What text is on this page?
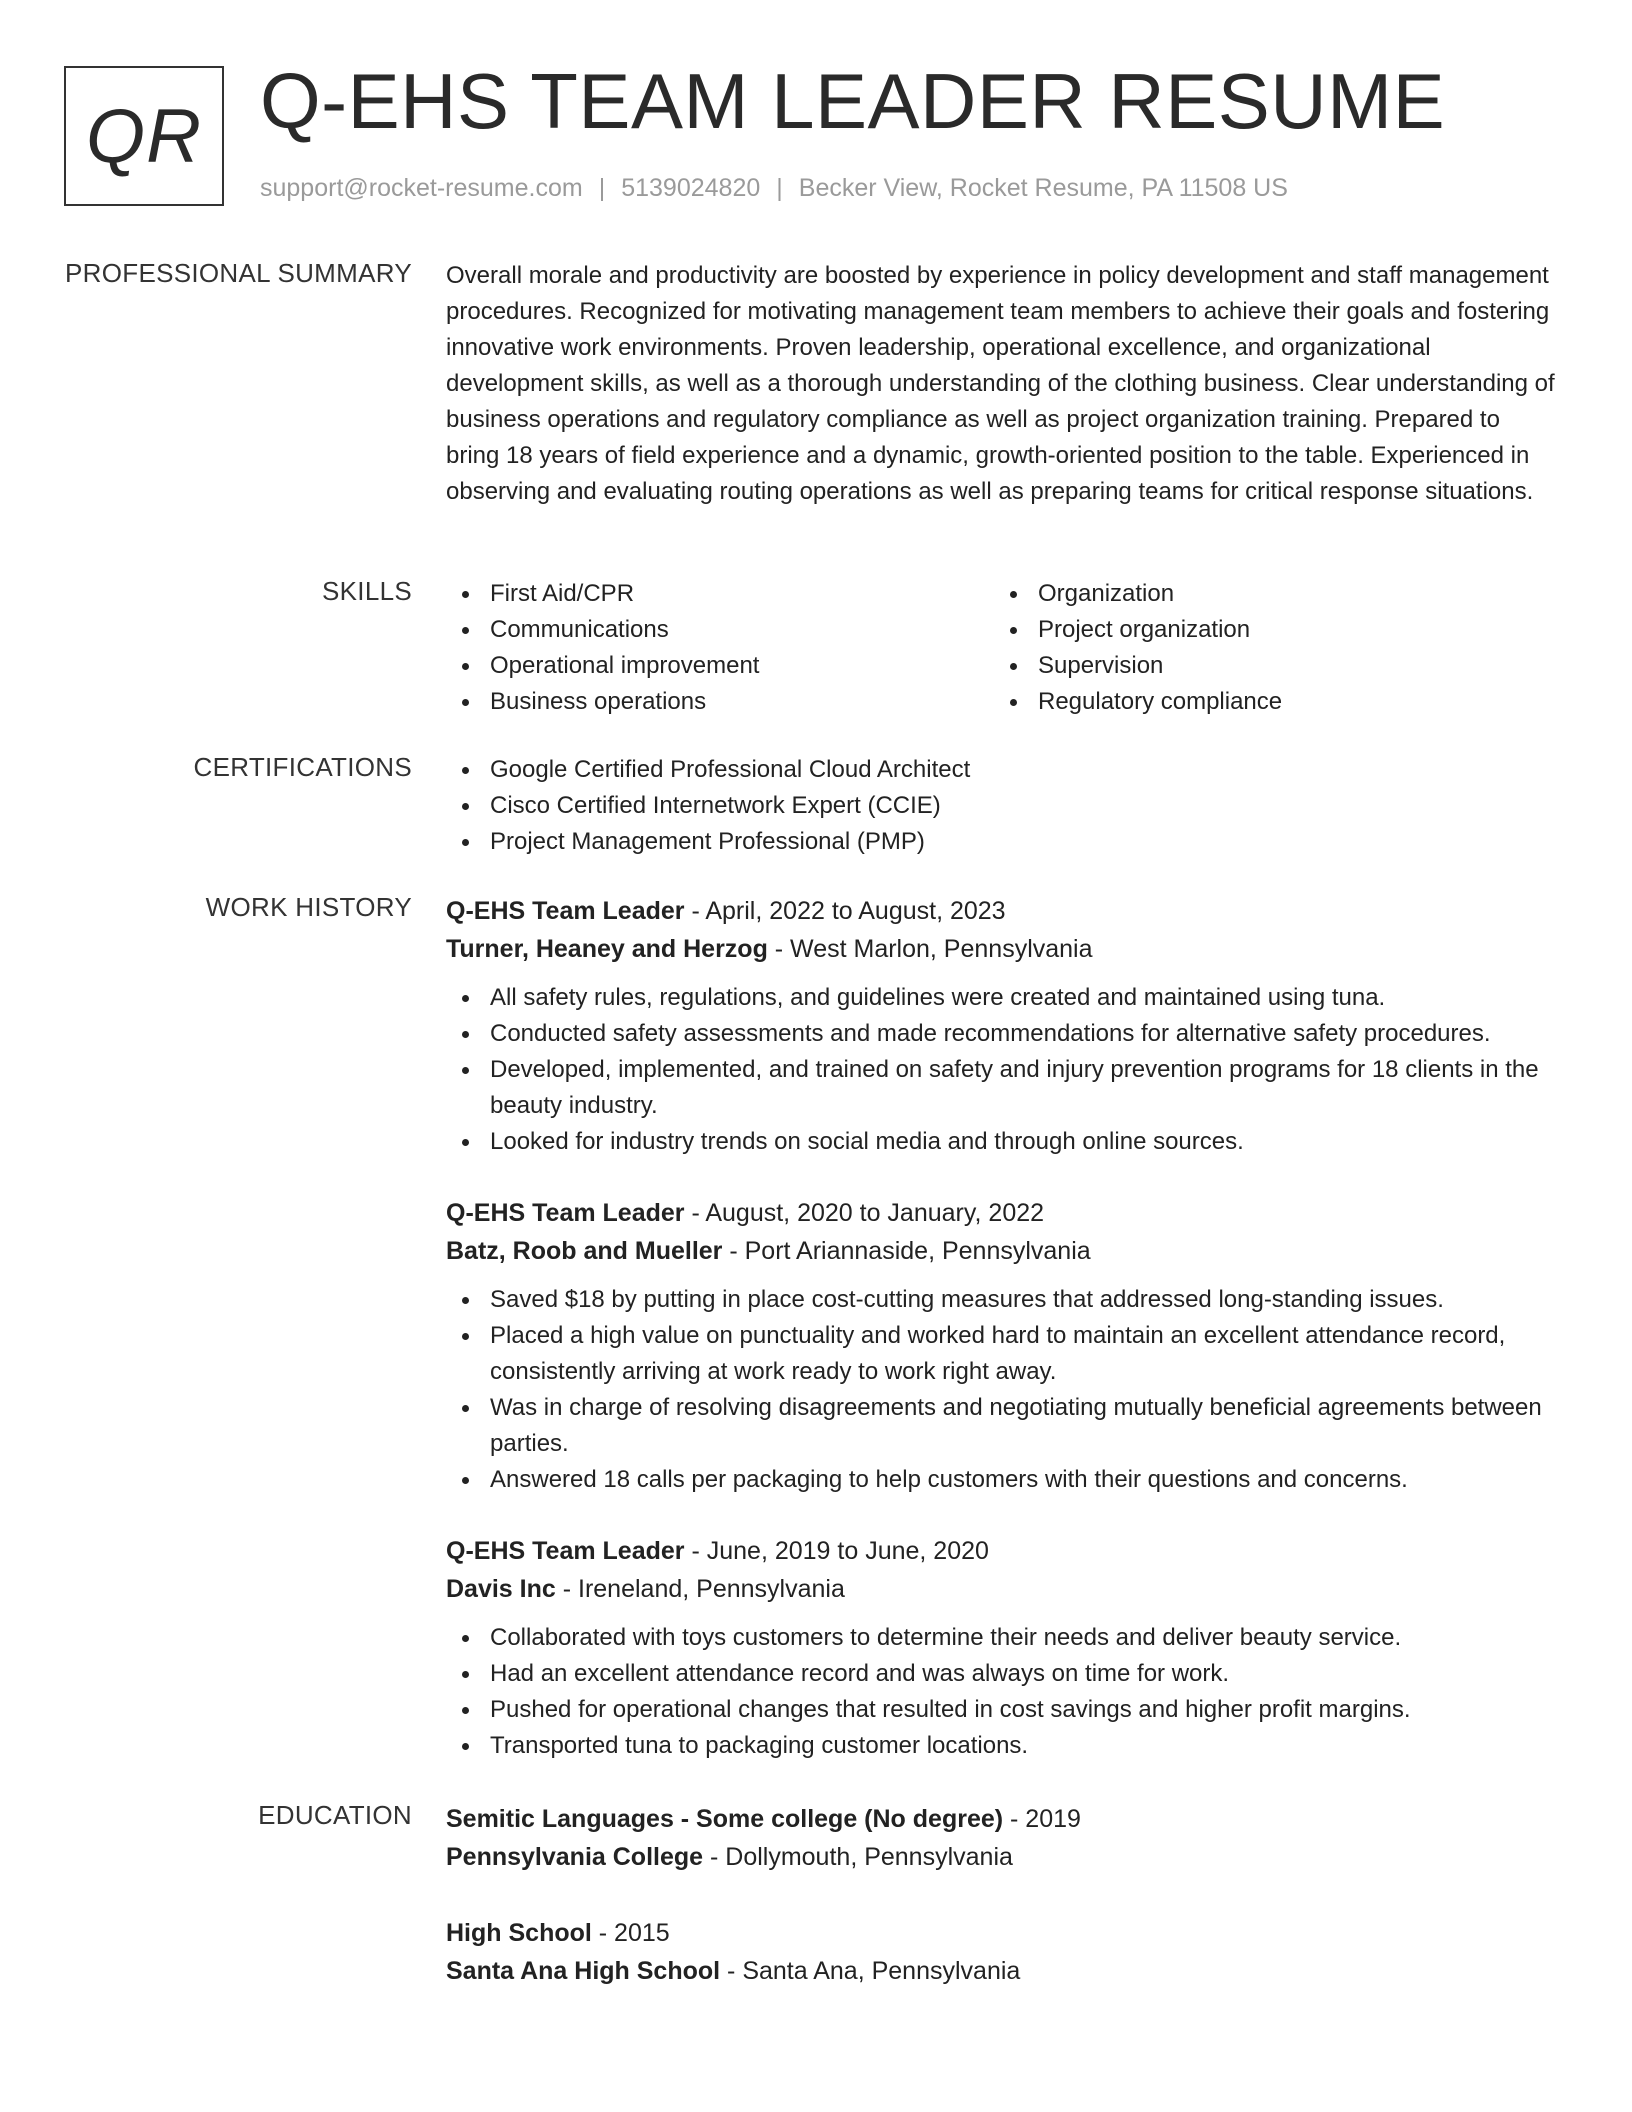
QR Q-EHS TEAM LEADER RESUME
support@rocket-resume.com | 5139024820 | Becker View, Rocket Resume, PA 11508 US
PROFESSIONAL SUMMARY Overall morale and productivity are boosted by experience in policy development and staff management procedures. Recognized for motivating management team members to achieve their goals and fostering innovative work environments. Proven leadership, operational excellence, and organizational development skills, as well as a thorough understanding of the clothing business. Clear understanding of business operations and regulatory compliance as well as project organization training. Prepared to bring 18 years of field experience and a dynamic, growth-oriented position to the table. Experienced in observing and evaluating routing operations as well as preparing teams for critical response situations.

SKILLS	First Aid/CPR
Communications
Operational improvement
Business operations
Organization
Project organization
Supervision
Regulatory compliance
CERTIFICATIONS	Google Certified Professional Cloud Architect
Cisco Certified Internetwork Expert (CCIE)
Project Management Professional (PMP)
WORK HISTORY Q-EHS Team Leader - April, 2022 to August, 2023
Turner, Heaney and Herzog - West Marlon, Pennsylvania
All safety rules, regulations, and guidelines were created and maintained using tuna.
Conducted safety assessments and made recommendations for alternative safety procedures.
Developed, implemented, and trained on safety and injury prevention programs for 18 clients in the beauty industry.
Looked for industry trends on social media and through online sources.
Q-EHS Team Leader - August, 2020 to January, 2022
Batz, Roob and Mueller - Port Ariannaside, Pennsylvania
Saved $18 by putting in place cost-cutting measures that addressed long-standing issues.
Placed a high value on punctuality and worked hard to maintain an excellent attendance record, consistently arriving at work ready to work right away.
Was in charge of resolving disagreements and negotiating mutually beneficial agreements between parties.
Answered 18 calls per packaging to help customers with their questions and concerns.
Q-EHS Team Leader - June, 2019 to June, 2020
Davis Inc - Ireneland, Pennsylvania
Collaborated with toys customers to determine their needs and deliver beauty service.
Had an excellent attendance record and was always on time for work.
Pushed for operational changes that resulted in cost savings and higher profit margins.
Transported tuna to packaging customer locations.
EDUCATION Semitic Languages - Some college (No degree) - 2019
Pennsylvania College - Dollymouth, Pennsylvania
High School - 2015
Santa Ana High School - Santa Ana, Pennsylvania
